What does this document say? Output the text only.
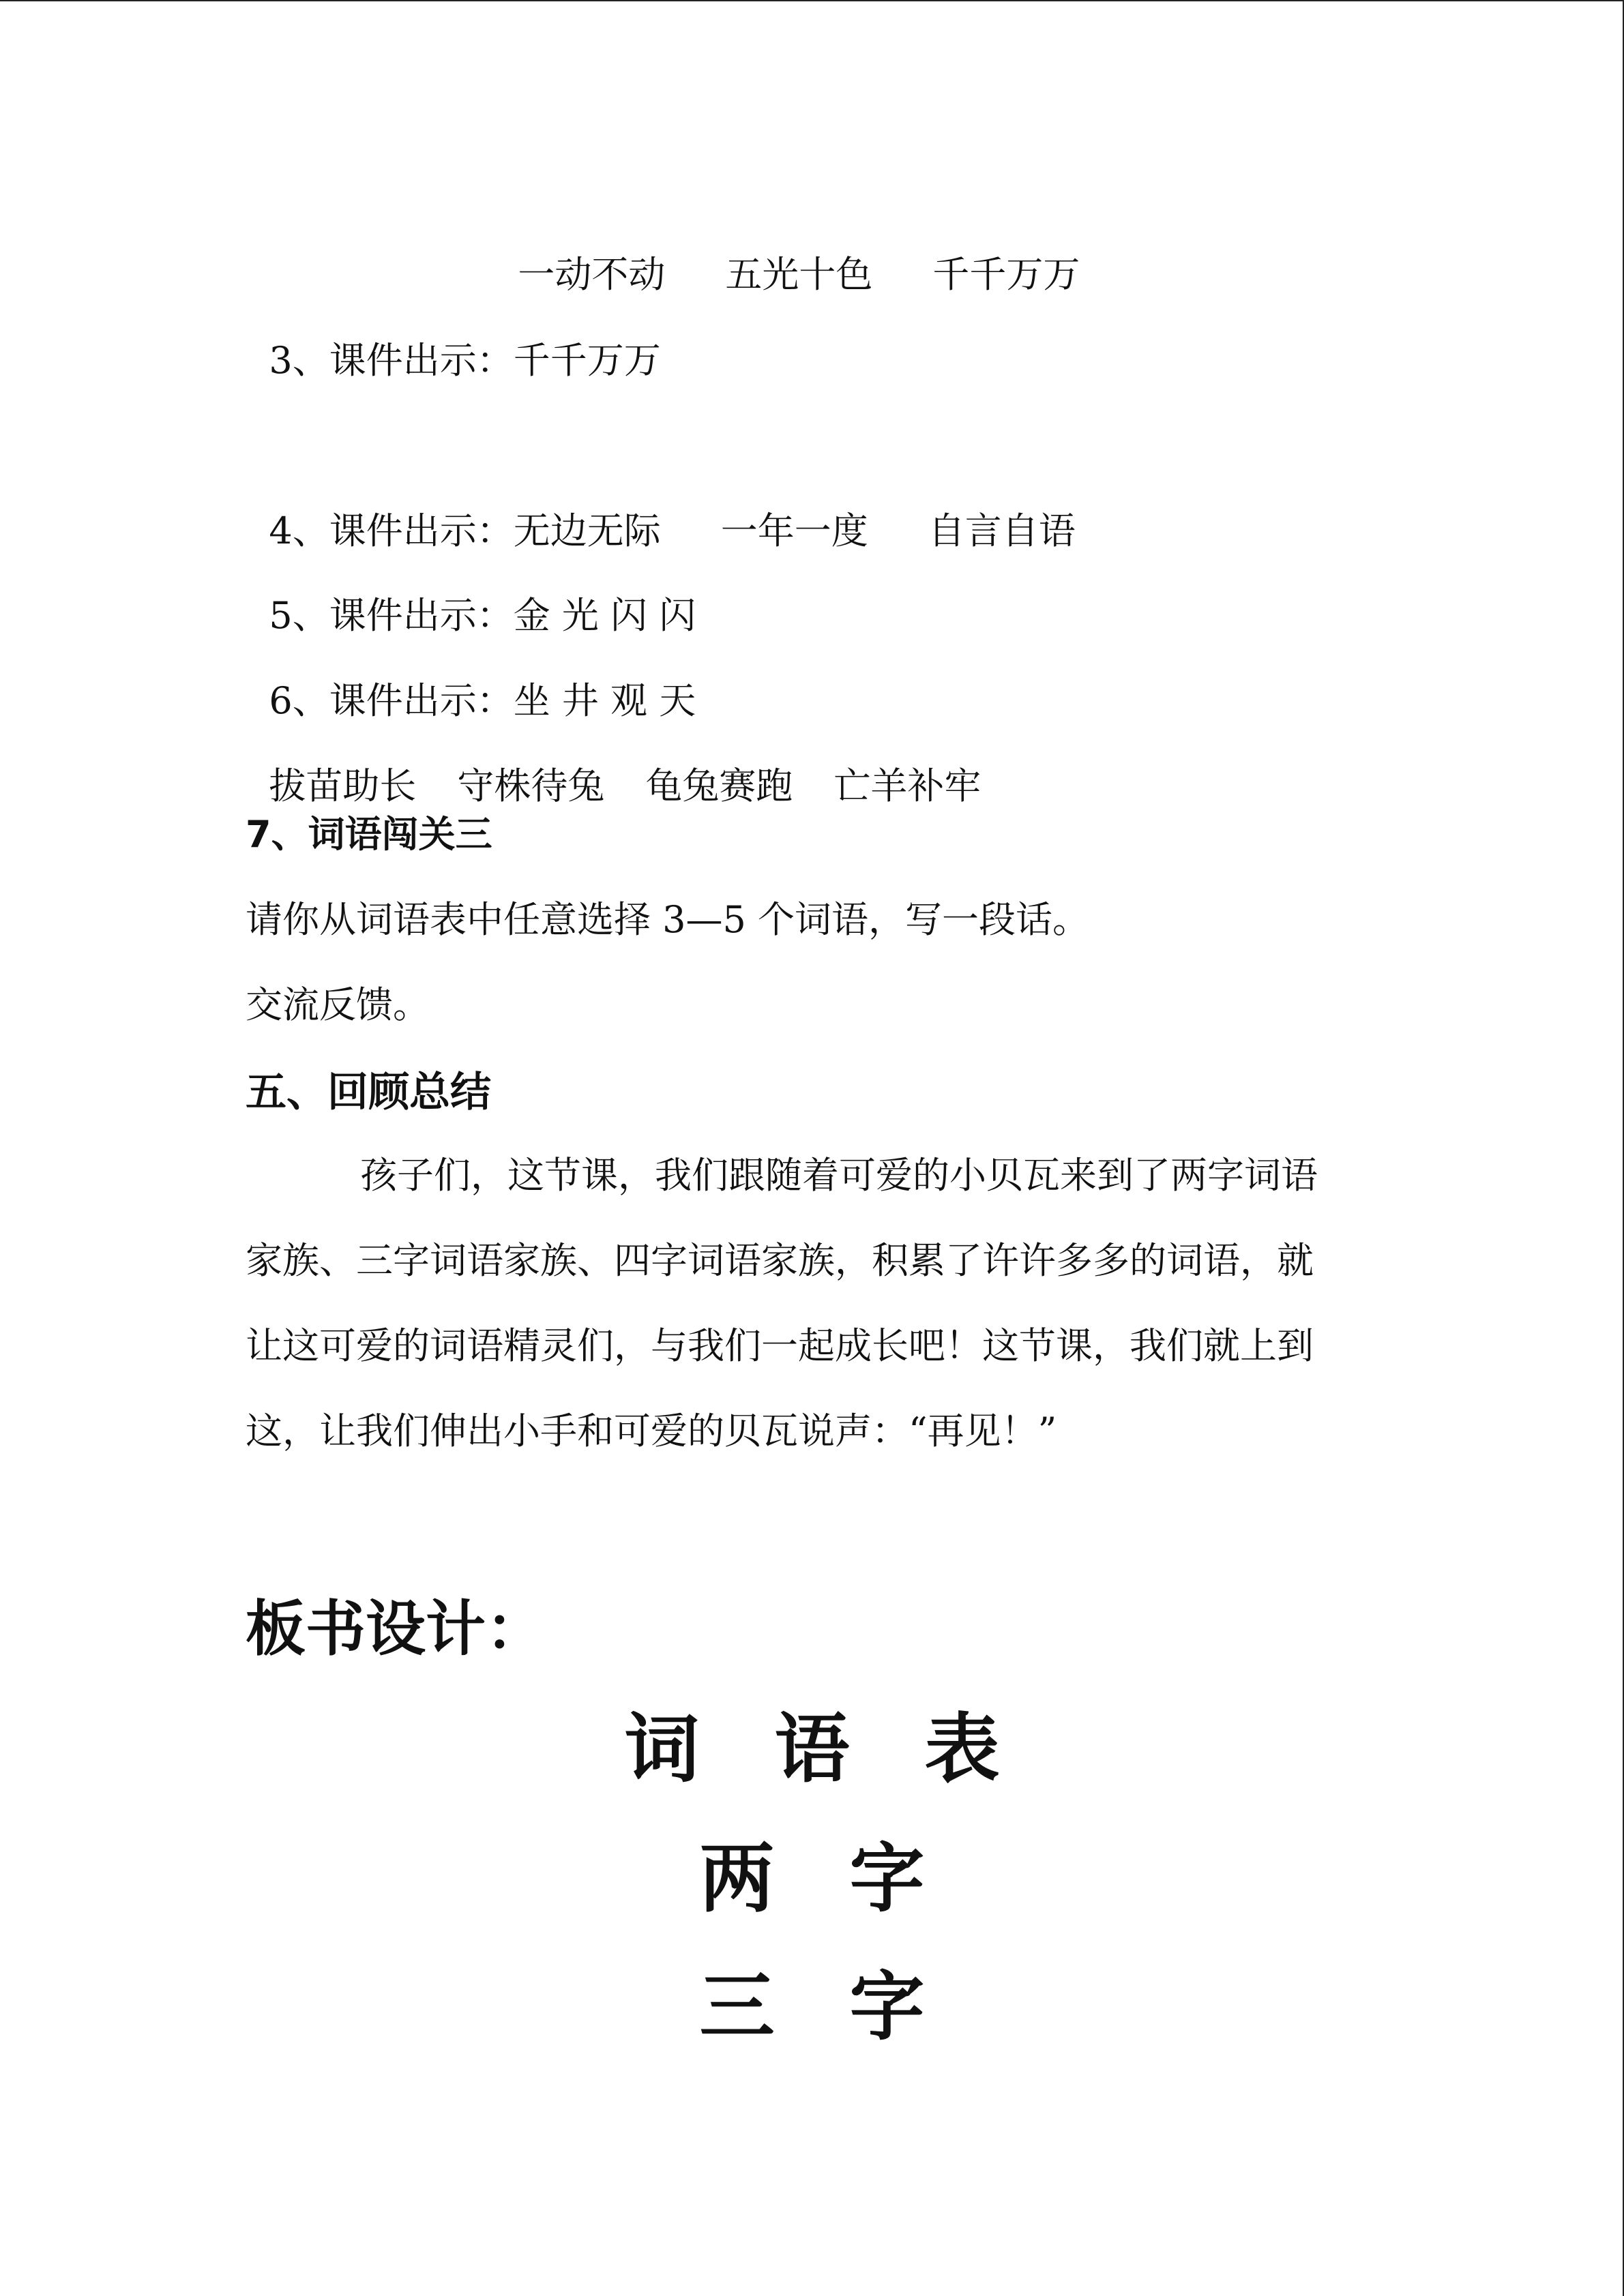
一动不动 五光十色 千千万万

3、课件出示：千千万万

4、课件出示：无边无际 一年一度 自言自语

5、课件出示：金 光 闪 闪

6、课件出示：坐 井 观 天

拔苗助长 守株待兔 龟兔赛跑 亡羊补牢

7、词语闯关三
请你从词语表中任意选择 3—5 个词语，写一段话。
交流反馈。
五、回顾总结
孩子们，这节课，我们跟随着可爱的小贝瓦来到了两字词语
家族、三字词语家族、四字词语家族，积累了许许多多的词语，就
让这可爱的词语精灵们，与我们一起成长吧！这节课，我们就上到
这，让我们伸出小手和可爱的贝瓦说声：“再见！”
板书设计：
词　语　表
两　字
三　字
